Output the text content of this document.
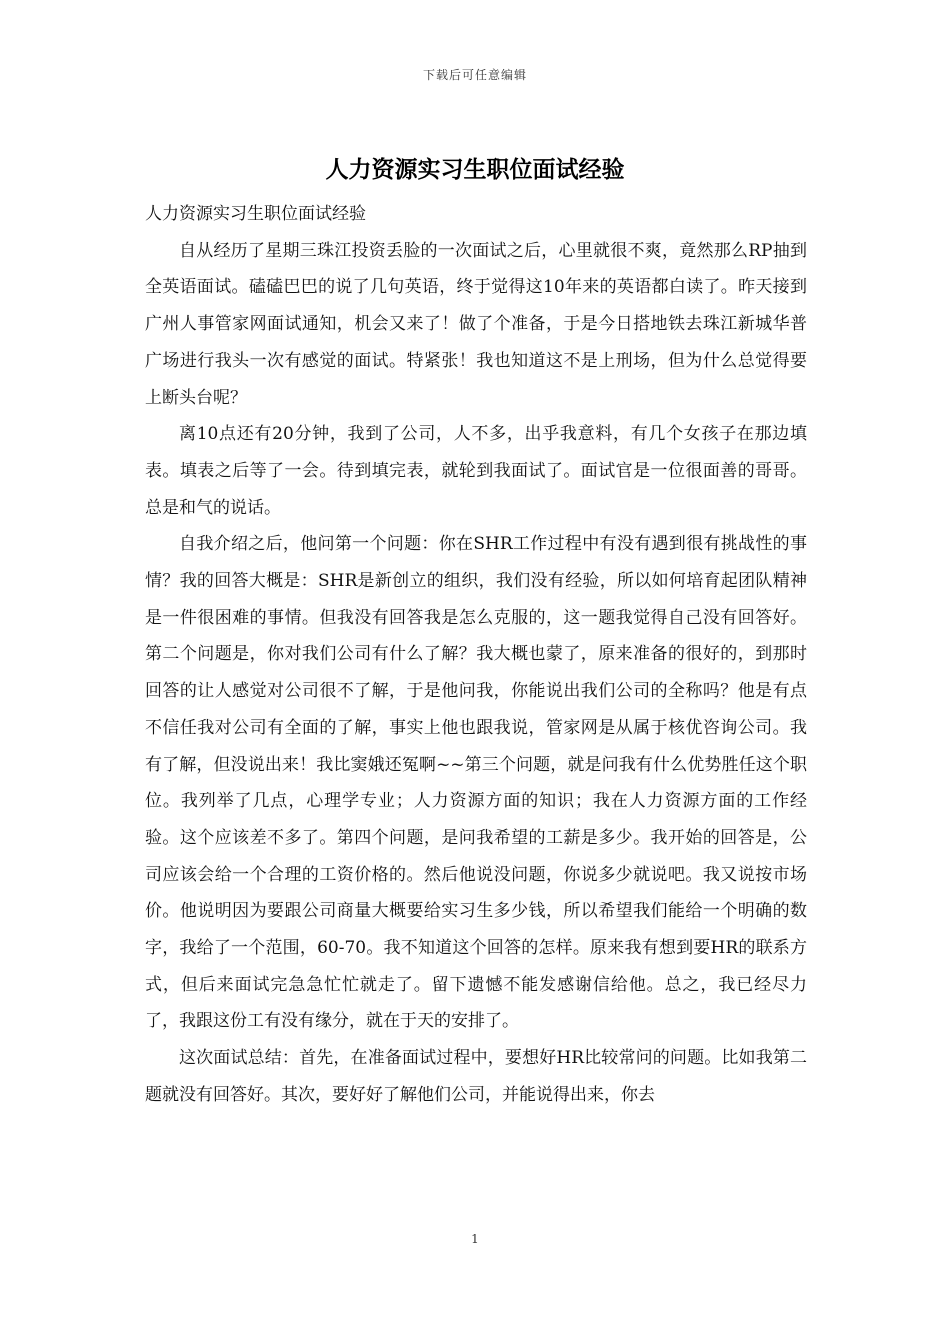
下载后可任意编辑
人力资源实习生职位面试经验

人力资源实习生职位面试经验

自从经历了星期三珠江投资丢脸的一次面试之后，心里就很不爽，竟然那么RP抽到全英语面试。磕磕巴巴的说了几句英语，终于觉得这10年来的英语都白读了。昨天接到广州人事管家网面试通知，机会又来了！做了个准备，于是今日搭地铁去珠江新城华普广场进行我头一次有感觉的面试。特紧张！我也知道这不是上刑场，但为什么总觉得要上断头台呢？

离10点还有20分钟，我到了公司，人不多，出乎我意料，有几个女孩子在那边填表。填表之后等了一会。待到填完表，就轮到我面试了。面试官是一位很面善的哥哥。总是和气的说话。

自我介绍之后，他问第一个问题：你在SHR工作过程中有没有遇到很有挑战性的事情？我的回答大概是：SHR是新创立的组织，我们没有经验，所以如何培育起团队精神是一件很困难的事情。但我没有回答我是怎么克服的，这一题我觉得自己没有回答好。第二个问题是，你对我们公司有什么了解？我大概也蒙了，原来准备的很好的，到那时回答的让人感觉对公司很不了解，于是他问我，你能说出我们公司的全称吗？他是有点不信任我对公司有全面的了解，事实上他也跟我说，管家网是从属于核优咨询公司。我有了解，但没说出来！我比窦娥还冤啊~~第三个问题，就是问我有什么优势胜任这个职位。我列举了几点，心理学专业；人力资源方面的知识；我在人力资源方面的工作经验。这个应该差不多了。第四个问题，是问我希望的工薪是多少。我开始的回答是，公司应该会给一个合理的工资价格的。然后他说没问题，你说多少就说吧。我又说按市场价。他说明因为要跟公司商量大概要给实习生多少钱，所以希望我们能给一个明确的数字，我给了一个范围，60-70。我不知道这个回答的怎样。原来我有想到要HR的联系方式，但后来面试完急急忙忙就走了。留下遗憾不能发感谢信给他。总之，我已经尽力了，我跟这份工有没有缘分，就在于天的安排了。

这次面试总结：首先，在准备面试过程中，要想好HR比较常问的问题。比如我第二题就没有回答好。其次，要好好了解他们公司，并能说得出来，你去

1
